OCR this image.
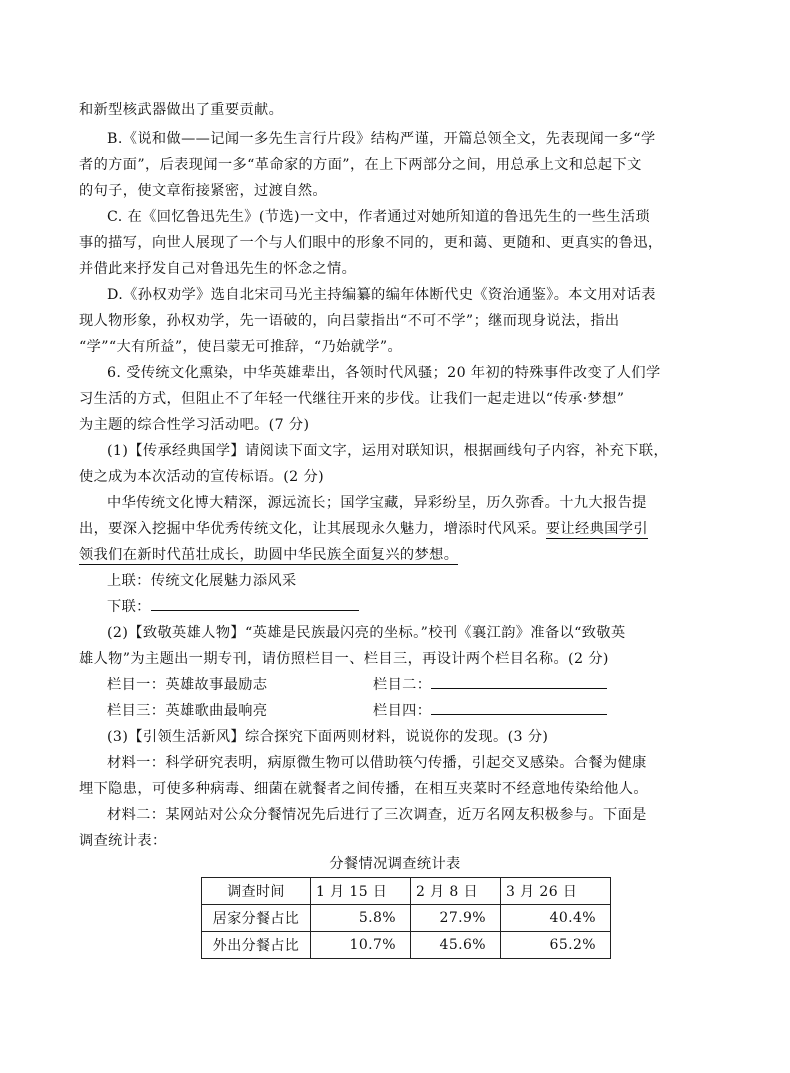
和新型核武器做出了重要贡献。
B.《说和做——记闻一多先生言行片段》结构严谨，开篇总领全文，先表现闻一多“学
者的方面”，后表现闻一多“革命家的方面”，在上下两部分之间，用总承上文和总起下文
的句子，使文章衔接紧密，过渡自然。
C. 在《回忆鲁迅先生》(节选)一文中，作者通过对她所知道的鲁迅先生的一些生活琐
事的描写，向世人展现了一个与人们眼中的形象不同的，更和蔼、更随和、更真实的鲁迅，
并借此来抒发自己对鲁迅先生的怀念之情。
D.《孙权劝学》选自北宋司马光主持编纂的编年体断代史《资治通鉴》。本文用对话表
现人物形象，孙权劝学，先一语破的，向吕蒙指出“不可不学”；继而现身说法，指出
“学”“大有所益”，使吕蒙无可推辞，“乃始就学”。
6. 受传统文化熏染，中华英雄辈出，各领时代风骚；20 年初的特殊事件改变了人们学
习生活的方式，但阻止不了年轻一代继往开来的步伐。让我们一起走进以“传承·梦想”
为主题的综合性学习活动吧。(7 分)
(1)【传承经典国学】请阅读下面文字，运用对联知识，根据画线句子内容，补充下联，
使之成为本次活动的宣传标语。(2 分)
中华传统文化博大精深，源远流长；国学宝藏，异彩纷呈，历久弥香。十九大报告提
出，要深入挖掘中华优秀传统文化，让其展现永久魅力，增添时代风采。要让经典国学引
领我们在新时代茁壮成长，助圆中华民族全面复兴的梦想。
上联：传统文化展魅力添风采
下联：
(2)【致敬英雄人物】“英雄是民族最闪亮的坐标。”校刊《襄江韵》准备以“致敬英
雄人物”为主题出一期专刊，请仿照栏目一、栏目三，再设计两个栏目名称。(2 分)
栏目一：英雄故事最励志	栏目二：
栏目三：英雄歌曲最响亮	栏目四：
(3)【引领生活新风】综合探究下面两则材料，说说你的发现。(3 分)
材料一：科学研究表明，病原微生物可以借助筷勺传播，引起交叉感染。合餐为健康
埋下隐患，可使多种病毒、细菌在就餐者之间传播，在相互夹菜时不经意地传染给他人。
材料二：某网站对公众分餐情况先后进行了三次调查，近万名网友积极参与。下面是
调查统计表：
分餐情况调查统计表
调查时间	1 月 15 日	2 月 8 日	3 月 26 日
居家分餐占比	5.8%	27.9%	40.4%
外出分餐占比	10.7%	45.6%	65.2%
